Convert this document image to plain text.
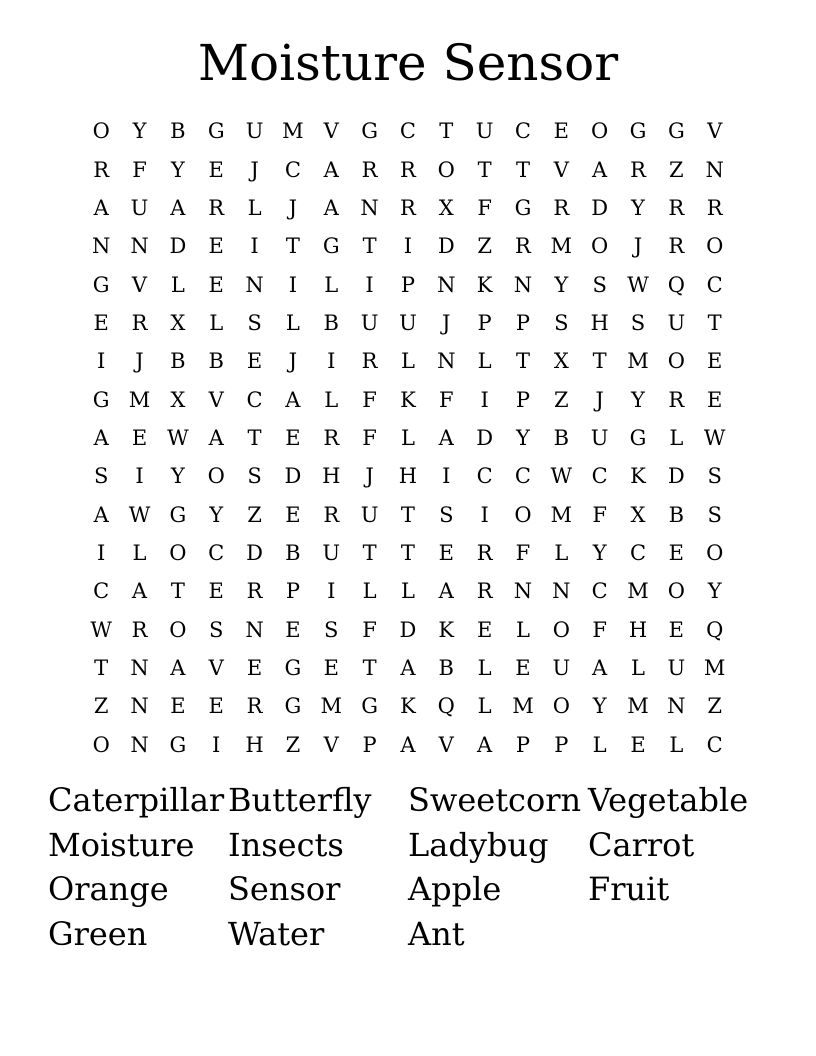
Moisture Sensor
O	Y	B	G	U M V	G	C	T	U	C	E	O	G	G	V
R	F	Y	E	J	C	A	R	R	O	T	T	V	A	R	Z	N
A	U	A	R	L	J	A	N	R	X	F	G	R	D	Y	R	R
N N D	E	I	T	G	T	I	D	Z	R M O	J	R	O
G	V	L	E	N	I	L	I	P	N	K	N	Y	S W Q	C
E	R	X	L	S	L	B	U U	J	P	P	S	H	S	U	T
I	J	B	B	E	J	I	R	L	N	L	T	X	T M O	E
G M X	V	C	A	L	F	K	F	I	P	Z	J	Y	R	E
A	E W A	T	E	R	F	L	A	D	Y	B	U	G	L W
S	I	Y	O	S	D H	J	H	I	C	C W C	K	D	S
A W G	Y	Z	E	R	U	T	S	I	O M F	X	B	S
I	L	O	C	D	B	U	T	T	E	R	F	L	Y	C	E	O
C	A	T	E	R	P	I	L	L	A	R	N N	C M O	Y
W R	O	S	N	E	S	F	D	K	E	L	O	F	H	E	Q
T	N	A	V	E	G	E	T	A	B	L	E	U	A	L	U M
Z	N	E	E	R	G M G	K	Q	L M O	Y M N	Z
O N G	I	H	Z	V	P	A	V	A	P	P	L	E	L	C
Caterpillar Butterfly	Sweetcorn Vegetable
Moisture	Insects	Ladybug	Carrot
Orange	Sensor	Apple	Fruit
Green	Water	Ant
